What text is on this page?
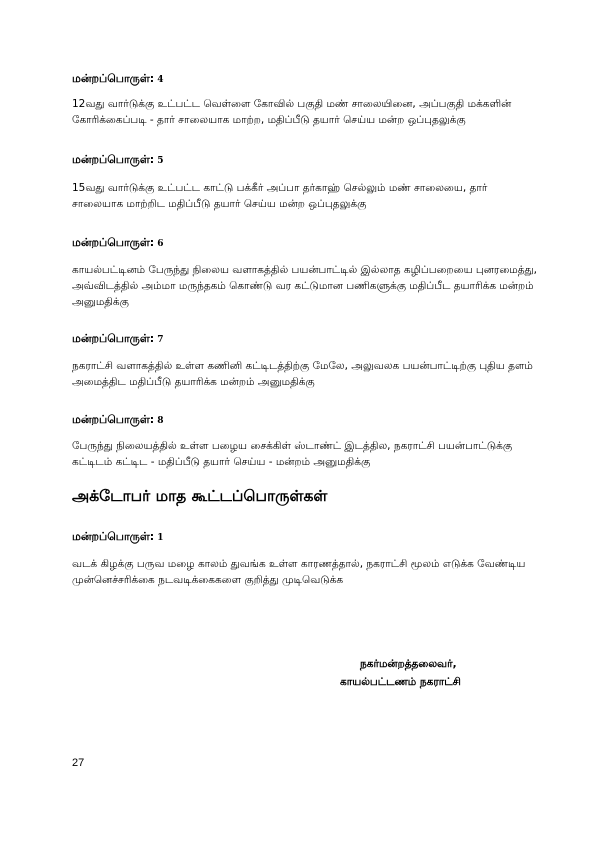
மன்றப்பொருள்: 4
12வது வார்டுக்கு உட்பட்ட வெள்ளை கோவில் பகுதி மண் சாலையினை, அப்பகுதி மக்களின்
கோரிக்கைப்படி - தார் சாலையாக மாற்ற, மதிப்பீடு தயார் செய்ய மன்ற ஒப்புதலுக்கு
மன்றப்பொருள்: 5
15வது வார்டுக்கு உட்பட்ட காட்டு பக்கீர் அப்பா தர்காஹ் செல்லும் மண் சாலையை, தார்
சாலையாக மாற்றிட மதிப்பீடு தயார் செய்ய மன்ற ஒப்புதலுக்கு
மன்றப்பொருள்: 6
காயல்பட்டினம் பேருந்து நிலைய வளாகத்தில் பயன்பாட்டில் இல்லாத கழிப்பறையை புனரமைத்து,
அவ்விடத்தில் அம்மா மருந்தகம் கொண்டு வர கட்டுமான பணிகளுக்கு மதிப்பீட தயாரிக்க மன்றம்
அனுமதிக்கு
மன்றப்பொருள்: 7
நகராட்சி வளாகத்தில் உள்ள கணினி கட்டிடத்திற்கு மேலே, அலுவலக பயன்பாட்டிற்கு புதிய தளம்
அமைத்திட மதிப்பீடு தயாரிக்க மன்றம் அனுமதிக்கு
மன்றப்பொருள்: 8
பேருந்து நிலையத்தில் உள்ள பழைய சைக்கிள் ஸ்டாண்ட் இடத்தில, நகராட்சி பயன்பாட்டுக்கு
கட்டிடம் கட்டிட - மதிப்பீடு தயார் செய்ய - மன்றம் அனுமதிக்கு
அக்டோபர் மாத கூட்டப்பொருள்கள்
மன்றப்பொருள்: 1
வடக் கிழக்கு பருவ மழை காலம் துவங்க உள்ள காரணத்தால், நகராட்சி மூலம் எடுக்க வேண்டிய
முன்னெச்சரிக்கை நடவடிக்கைகளை குறித்து முடிவெடுக்க
நகர்மன்றத்தலைவர்,
காயல்பட்டணம் நகராட்சி
27
